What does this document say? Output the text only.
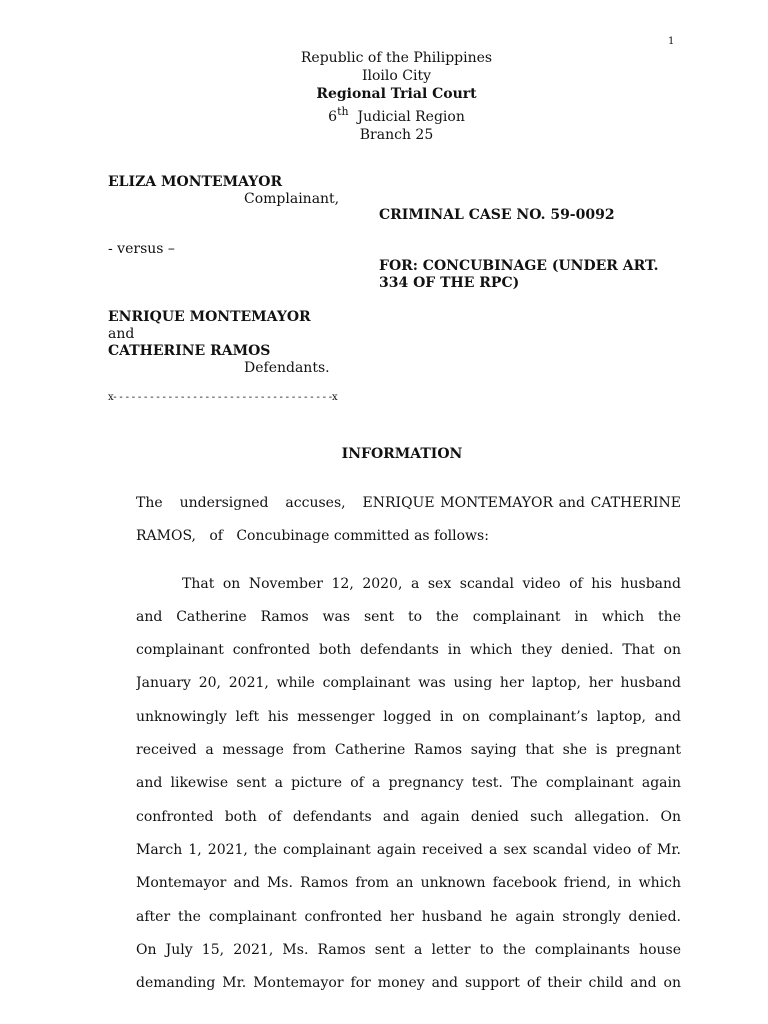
1
Republic of the Philippines
Iloilo City
Regional Trial Court
6th  Judicial Region
Branch 25
ELIZA MONTEMAYOR
Complainant,
CRIMINAL CASE NO. 59-0092
- versus –
FOR: CONCUBINAGE (UNDER ART.
334 OF THE RPC)
ENRIQUE MONTEMAYOR
and
CATHERINE RAMOS
Defendants.
x- - - - - - - - - - - - - - - - - - - - - - - - - - - - - - - - - - - -x
INFORMATION
The   undersigned   accuses,   ENRIQUE MONTEMAYOR and CATHERINE
RAMOS,   of   Concubinage committed as follows:
That on November 12, 2020, a sex scandal video of his husband
and Catherine Ramos was sent to the complainant in which the
complainant confronted both defendants in which they denied. That on
January 20, 2021, while complainant was using her laptop, her husband
unknowingly left his messenger logged in on complainant’s laptop, and
received a message from Catherine Ramos saying that she is pregnant
and likewise sent a picture of a pregnancy test. The complainant again
confronted both of defendants and again denied such allegation. On
March 1, 2021, the complainant again received a sex scandal video of Mr.
Montemayor and Ms. Ramos from an unknown facebook friend, in which
after the complainant confronted her husband he again strongly denied.
On July 15, 2021, Ms. Ramos sent a letter to the complainants house
demanding Mr. Montemayor for money and support of their child and on
